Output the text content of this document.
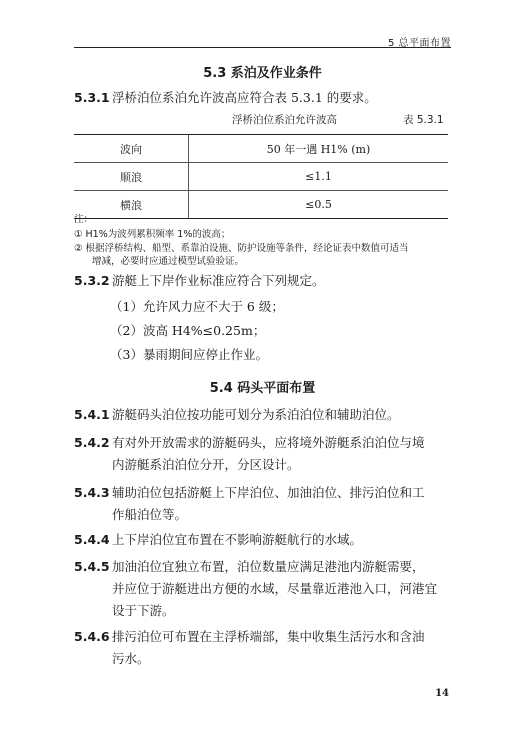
5 总平面布置
5.3 系泊及作业条件
5.3.1 浮桥泊位系泊允许波高应符合表 5.3.1 的要求。
浮桥泊位系泊允许波高	表 5.3.1
波向	50 年一遇 H1% (m)
顺浪	≤1.1
横浪	≤0.5
注：
① H1%为波列累积频率 1%的波高；
② 根据浮桥结构、船型、系靠泊设施、防护设施等条件，经论证表中数值可适当
增减，必要时应通过模型试验验证。
5.3.2 游艇上下岸作业标准应符合下列规定。
（1）允许风力应不大于 6 级；
（2）波高 H4%≤0.25m；
（3）暴雨期间应停止作业。
5.4 码头平面布置
5.4.1 游艇码头泊位按功能可划分为系泊泊位和辅助泊位。
5.4.2 有对外开放需求的游艇码头，应将境外游艇系泊泊位与境
内游艇系泊泊位分开，分区设计。
5.4.3 辅助泊位包括游艇上下岸泊位、加油泊位、排污泊位和工
作船泊位等。
5.4.4 上下岸泊位宜布置在不影响游艇航行的水域。
5.4.5 加油泊位宜独立布置，泊位数量应满足港池内游艇需要，
并应位于游艇进出方便的水域，尽量靠近港池入口，河港宜
设于下游。
5.4.6 排污泊位可布置在主浮桥端部，集中收集生活污水和含油
污水。
14
